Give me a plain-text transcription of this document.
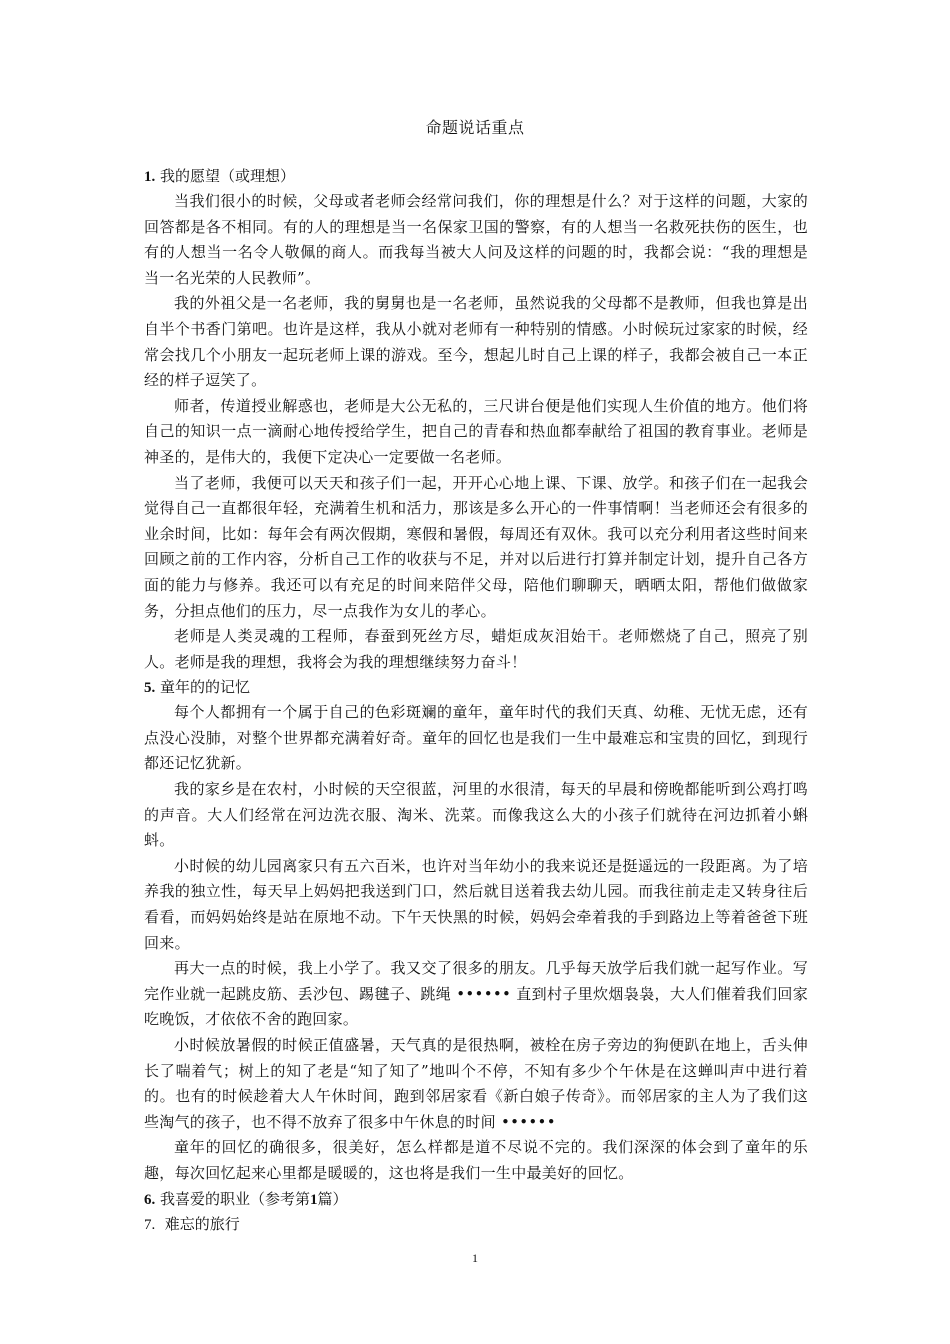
命题说话重点

1. 我的愿望（或理想）

当我们很小的时候，父母或者老师会经常问我们，你的理想是什么？对于这样的问题，大家的回答都是各不相同。有的人的理想是当一名保家卫国的警察，有的人想当一名救死扶伤的医生，也有的人想当一名令人敬佩的商人。而我每当被大人问及这样的问题的时，我都会说：“我的理想是当一名光荣的人民教师”。

我的外祖父是一名老师，我的舅舅也是一名老师，虽然说我的父母都不是教师，但我也算是出自半个书香门第吧。也许是这样，我从小就对老师有一种特别的情感。小时候玩过家家的时候，经常会找几个小朋友一起玩老师上课的游戏。至今，想起儿时自己上课的样子，我都会被自己一本正经的样子逗笑了。

师者，传道授业解惑也，老师是大公无私的，三尺讲台便是他们实现人生价值的地方。他们将自己的知识一点一滴耐心地传授给学生，把自己的青春和热血都奉献给了祖国的教育事业。老师是神圣的，是伟大的，我便下定决心一定要做一名老师。

当了老师，我便可以天天和孩子们一起，开开心心地上课、下课、放学。和孩子们在一起我会觉得自己一直都很年轻，充满着生机和活力，那该是多么开心的一件事情啊！当老师还会有很多的业余时间，比如：每年会有两次假期，寒假和暑假，每周还有双休。我可以充分利用者这些时间来回顾之前的工作内容，分析自己工作的收获与不足，并对以后进行打算并制定计划，提升自己各方面的能力与修养。我还可以有充足的时间来陪伴父母，陪他们聊聊天，晒晒太阳，帮他们做做家务，分担点他们的压力，尽一点我作为女儿的孝心。

老师是人类灵魂的工程师，春蚕到死丝方尽，蜡炬成灰泪始干。老师燃烧了自己，照亮了别人。老师是我的理想，我将会为我的理想继续努力奋斗！

5. 童年的的记忆

每个人都拥有一个属于自己的色彩斑斓的童年，童年时代的我们天真、幼稚、无忧无虑，还有点没心没肺，对整个世界都充满着好奇。童年的回忆也是我们一生中最难忘和宝贵的回忆，到现行都还记忆犹新。

我的家乡是在农村，小时候的天空很蓝，河里的水很清，每天的早晨和傍晚都能听到公鸡打鸣的声音。大人们经常在河边洗衣服、淘米、洗菜。而像我这么大的小孩子们就待在河边抓着小蝌蚪。

小时候的幼儿园离家只有五六百米，也许对当年幼小的我来说还是挺遥远的一段距离。为了培养我的独立性，每天早上妈妈把我送到门口，然后就目送着我去幼儿园。而我往前走走又转身往后看看，而妈妈始终是站在原地不动。下午天快黑的时候，妈妈会牵着我的手到路边上等着爸爸下班回来。

再大一点的时候，我上小学了。我又交了很多的朋友。几乎每天放学后我们就一起写作业。写完作业就一起跳皮筋、丢沙包、踢毽子、跳绳 •••••• 直到村子里炊烟袅袅，大人们催着我们回家吃晚饭，才依依不舍的跑回家。

小时候放暑假的时候正值盛暑，天气真的是很热啊，被栓在房子旁边的狗便趴在地上，舌头伸长了喘着气；树上的知了老是“知了知了”地叫个不停，不知有多少个午休是在这蝉叫声中进行着的。也有的时候趁着大人午休时间，跑到邻居家看《新白娘子传奇》。而邻居家的主人为了我们这些淘气的孩子，也不得不放弃了很多中午休息的时间 ••••••

童年的回忆的确很多，很美好，怎么样都是道不尽说不完的。我们深深的体会到了童年的乐趣，每次回忆起来心里都是暖暖的，这也将是我们一生中最美好的回忆。

6. 我喜爱的职业（参考第1篇）

7. 难忘的旅行

1
